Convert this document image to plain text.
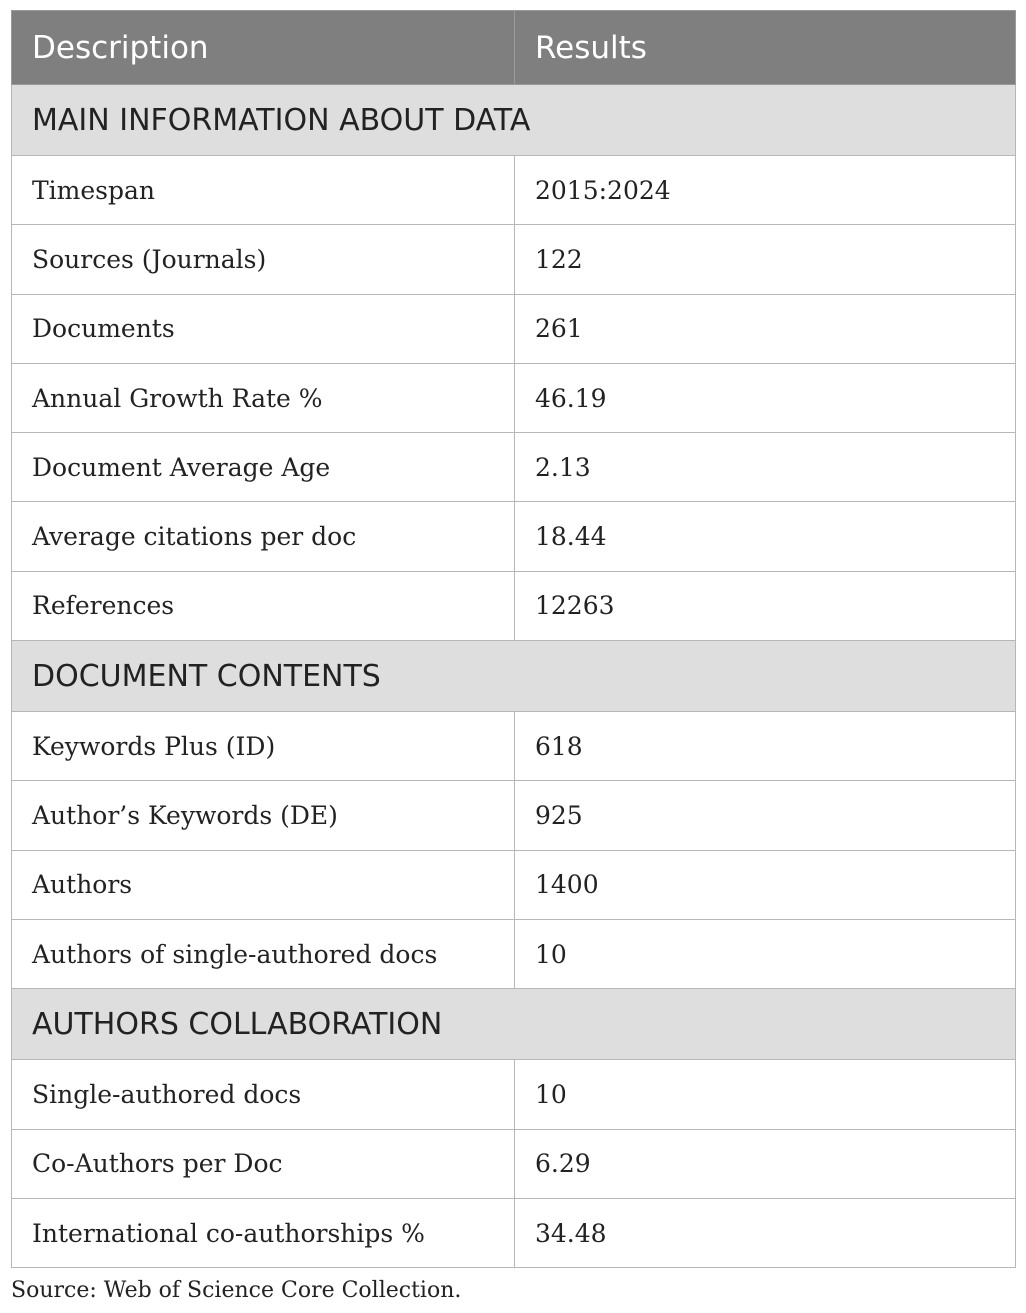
Description	Results
MAIN INFORMATION ABOUT DATA	
Timespan	2015:2024
Sources (Journals)	122
Documents	261
Annual Growth Rate %	46.19
Document Average Age	2.13
Average citations per doc	18.44
References	12263
DOCUMENT CONTENTS	
Keywords Plus (ID)	618
Author’s Keywords (DE)	925
Authors	1400
Authors of single-authored docs	10
AUTHORS COLLABORATION	
Single-authored docs	10
Co-Authors per Doc	6.29
International co-authorships %	34.48
Source: Web of Science Core Collection.
